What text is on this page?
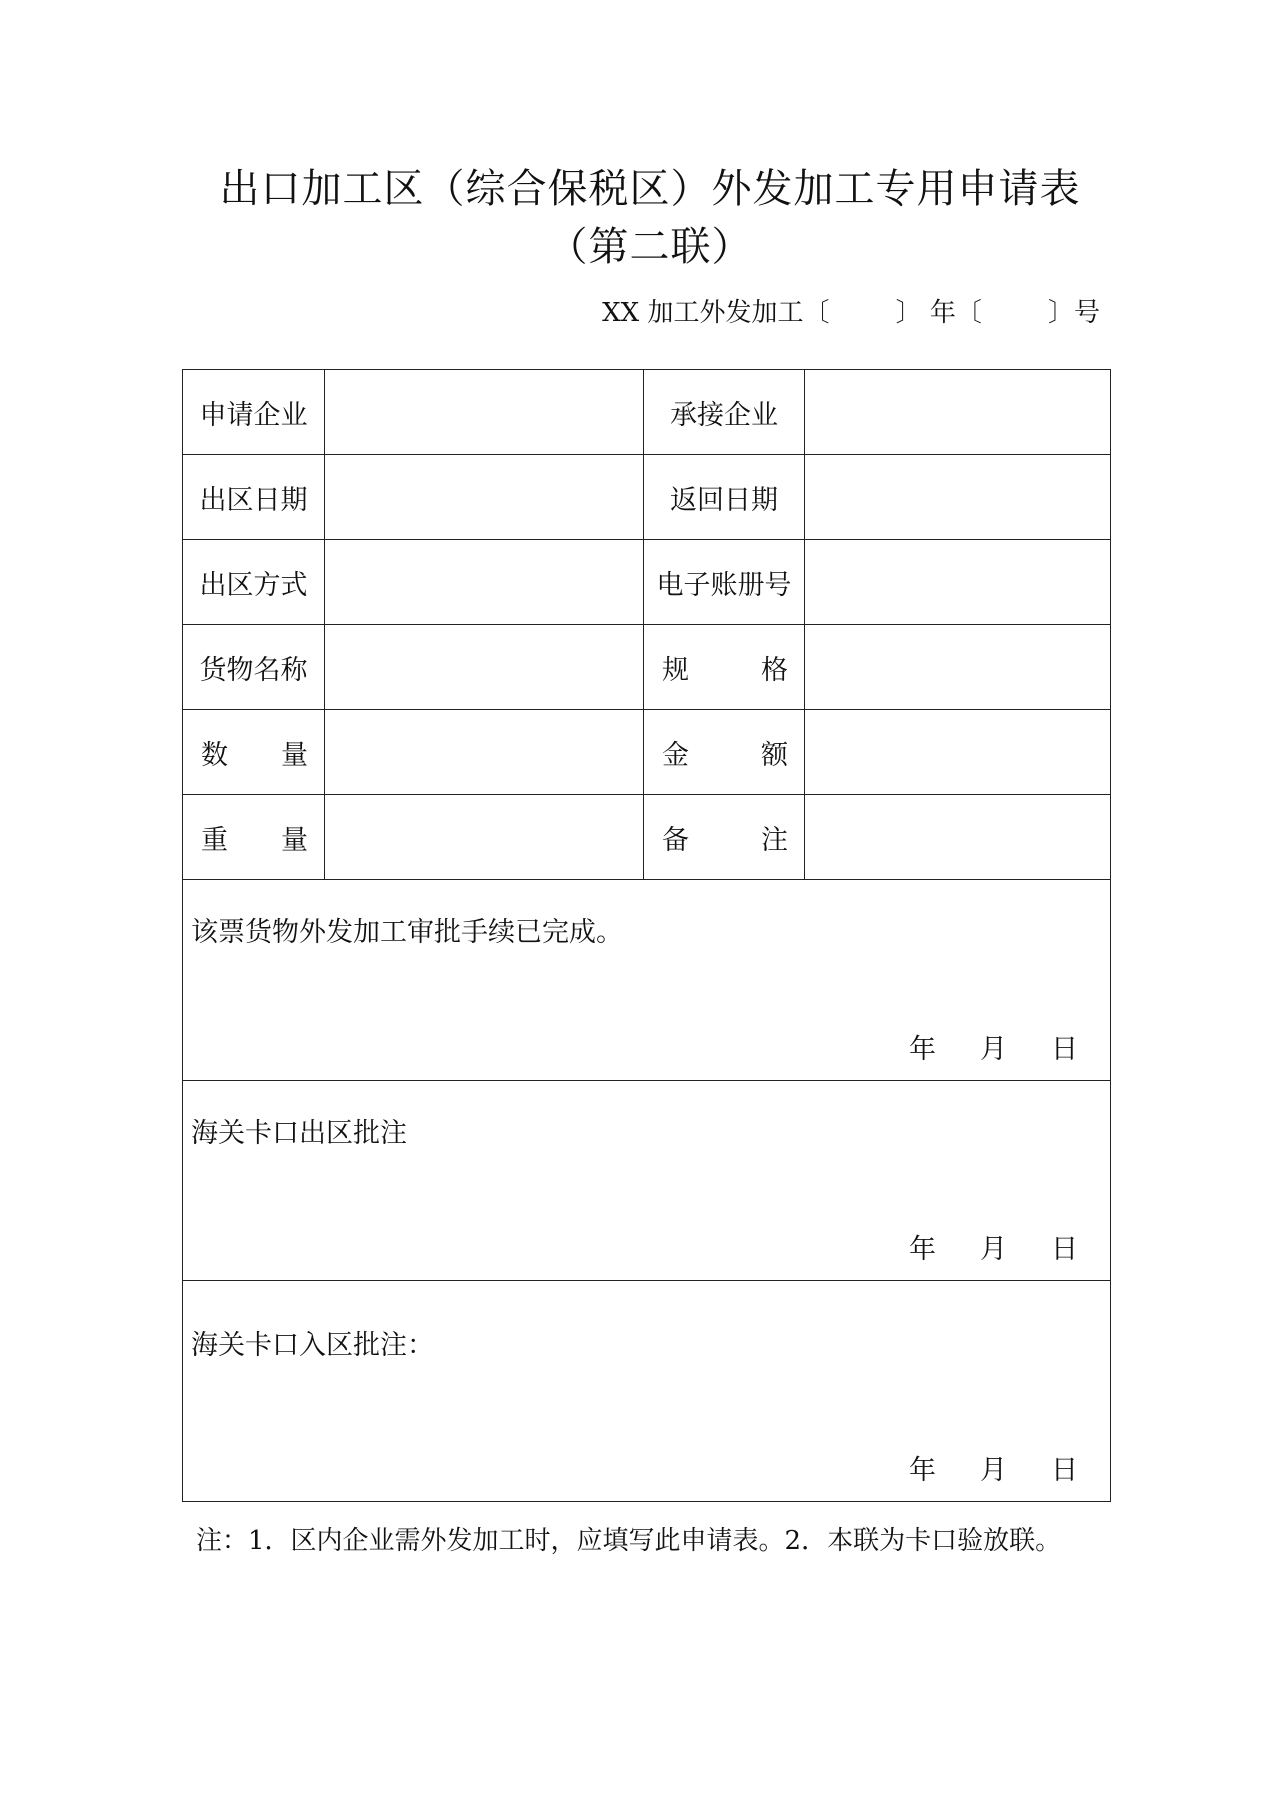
出口加工区（综合保税区）外发加工专用申请表（第二联）
XX 加工外发加工〔	〕 年〔	〕号
申请企业		承接企业	
出区日期		返回日期	
出区方式		电子账册号	
货物名称		规 格	

数 量		金 额	

重 量		备 注	

该票货物外发加工审批手续已完成。
年 月 日			

海关卡口出区批注
年 月 日			

海关卡口入区批注：
年 月 日			
注：1．区内企业需外发加工时，应填写此申请表。2．本联为卡口验放联。
